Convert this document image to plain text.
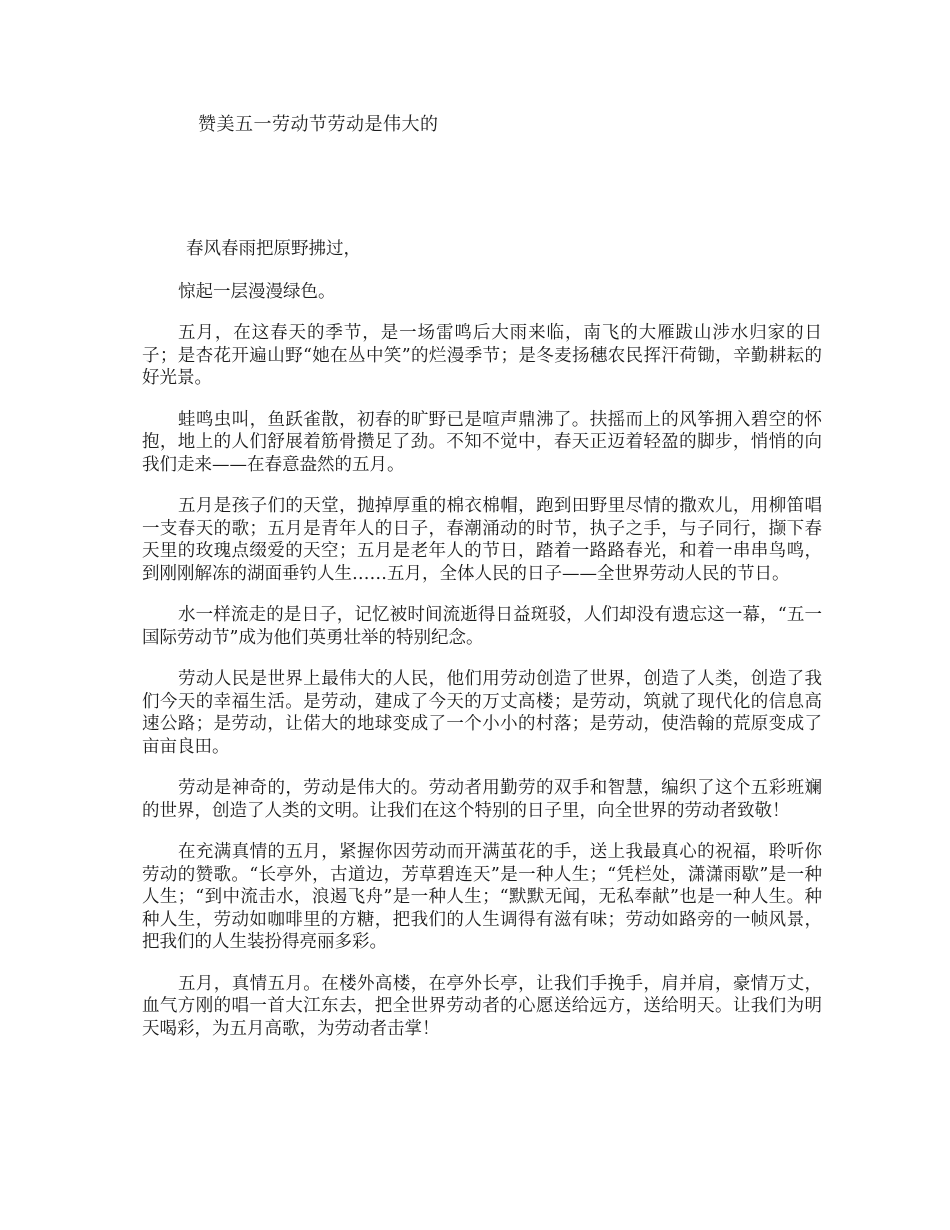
赞美五一劳动节劳动是伟大的

春风春雨把原野拂过，

惊起一层漫漫绿色。

五月，在这春天的季节，是一场雷鸣后大雨来临，南飞的大雁跋山涉水归家的日子；是杏花开遍山野“她在丛中笑”的烂漫季节；是冬麦扬穗农民挥汗荷锄，辛勤耕耘的好光景。

蛙鸣虫叫，鱼跃雀散，初春的旷野已是喧声鼎沸了。扶摇而上的风筝拥入碧空的怀抱，地上的人们舒展着筋骨攒足了劲。不知不觉中，春天正迈着轻盈的脚步，悄悄的向我们走来——在春意盎然的五月。

五月是孩子们的天堂，抛掉厚重的棉衣棉帽，跑到田野里尽情的撒欢儿，用柳笛唱一支春天的歌；五月是青年人的日子，春潮涌动的时节，执子之手，与子同行，撷下春天里的玫瑰点缀爱的天空；五月是老年人的节日，踏着一路路春光，和着一串串鸟鸣，到刚刚解冻的湖面垂钓人生……五月，全体人民的日子——全世界劳动人民的节日。

水一样流走的是日子，记忆被时间流逝得日益斑驳，人们却没有遗忘这一幕，“五一国际劳动节”成为他们英勇壮举的特别纪念。

劳动人民是世界上最伟大的人民，他们用劳动创造了世界，创造了人类，创造了我们今天的幸福生活。是劳动，建成了今天的万丈高楼；是劳动，筑就了现代化的信息高速公路；是劳动，让偌大的地球变成了一个小小的村落；是劳动，使浩翰的荒原变成了亩亩良田。

劳动是神奇的，劳动是伟大的。劳动者用勤劳的双手和智慧，编织了这个五彩班斓的世界，创造了人类的文明。让我们在这个特别的日子里，向全世界的劳动者致敬！

在充满真情的五月，紧握你因劳动而开满茧花的手，送上我最真心的祝福，聆听你劳动的赞歌。“长亭外，古道边，芳草碧连天”是一种人生；“凭栏处，潇潇雨歇”是一种人生；“到中流击水，浪遏飞舟”是一种人生；“默默无闻，无私奉献”也是一种人生。种种人生，劳动如咖啡里的方糖，把我们的人生调得有滋有味；劳动如路旁的一帧风景，把我们的人生装扮得亮丽多彩。

五月，真情五月。在楼外高楼，在亭外长亭，让我们手挽手，肩并肩，豪情万丈，血气方刚的唱一首大江东去，把全世界劳动者的心愿送给远方，送给明天。让我们为明天喝彩，为五月高歌，为劳动者击掌！
